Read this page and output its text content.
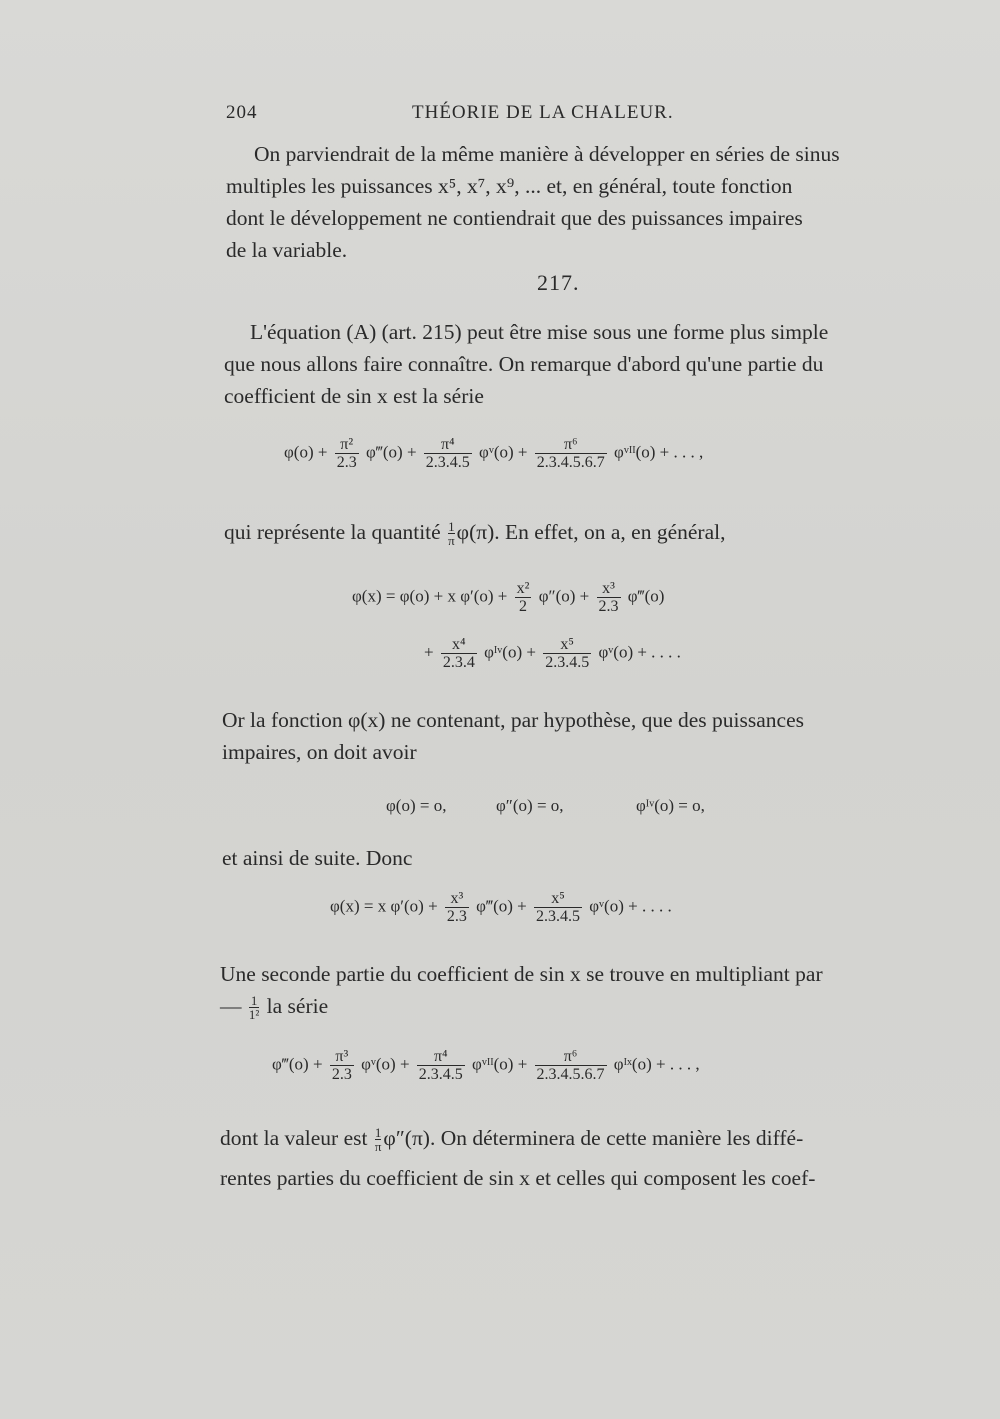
204	THÉORIE DE LA CHALEUR.
On parviendrait de la même manière à développer en séries de sinus
multiples les puissances x⁵, x⁷, x⁹, ... et, en général, toute fonction
dont le développement ne contiendrait que des puissances impaires
de la variable.
217.
L'équation (A) (art. 215) peut être mise sous une forme plus simple
que nous allons faire connaître. On remarque d'abord qu'une partie du
coefficient de sin x est la série
$\varphi(o) + \frac{\text{π²}}{2.3}$ φ‴(o) + $\frac{\text{π⁴}}{2.3.4.5}$ φᵛ(o) + $\frac{\text{π⁶}}{2.3.4.5.6.7}$ φᵛᴵᴵ(o) + . . . ,
qui représente la quantité $\frac{1}{\pi} \varphi(\pi)$. En effet, on a, en général,
φ(x) = φ(o) + x $\varphi'(o) + \frac{\text{x²}}{2} \varphi''(o) + \frac{\text{x³}}{2.3}$ φ‴(o)
+ $\frac{\text{x⁴}}{2.3.4}$ φᴵᵛ(o) + $\frac{\text{x⁵}}{2.3.4.5}$ φᵛ(o) + . . . .
Or la fonction φ(x) ne contenant, par hypothèse, que des puissances
impaires, on doit avoir
φ(o) = o,	φ″(o) = o,	φᴵᵛ(o) = o,
et ainsi de suite. Donc
φ(x) = x $\varphi'(o) + \frac{\text{x³}}{2.3}$ φ‴(o) + $\frac{\text{x⁵}}{2.3.4.5}$ φᵛ(o) + . . . .
Une seconde partie du coefficient de sin x se trouve en multipliant par
— $\frac{1}{\text{1²}}$ la série
φ‴(o) + $\frac{\text{π³}}{2.3}$ φᵛ(o) + $\frac{\text{π⁴}}{2.3.4.5}$ φᵛᴵᴵ(o) + $\frac{\text{π⁶}}{2.3.4.5.6.7}$ φᴵˣ(o) + . . . ,
dont la valeur est $\frac{1}{\pi} \varphi''(\pi)$. On déterminera de cette manière les diffé-
rentes parties du coefficient de sin x et celles qui composent les coef-
